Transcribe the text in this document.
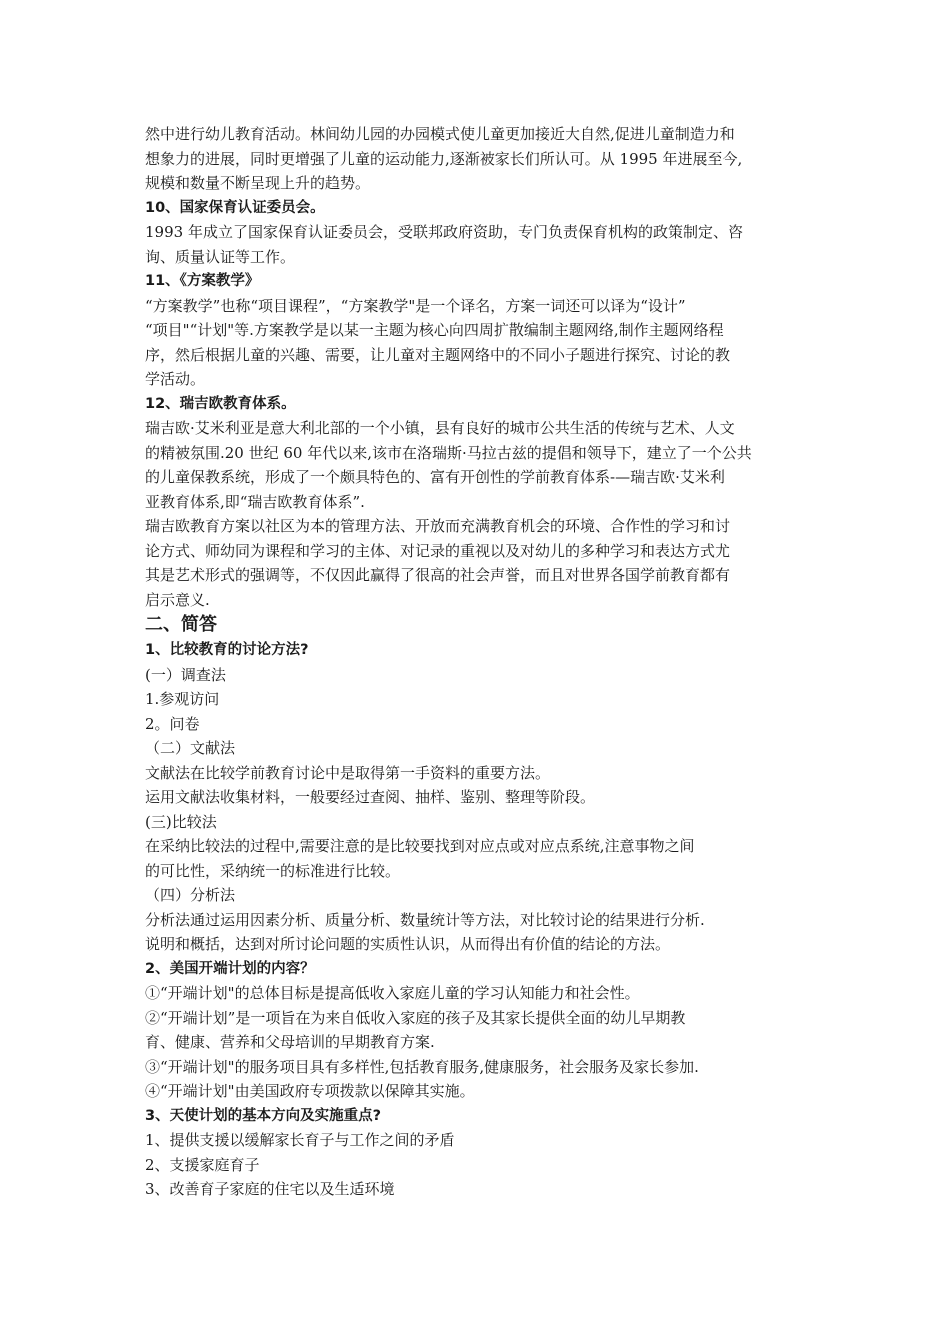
然中进行幼儿教育活动。林间幼儿园的办园模式使儿童更加接近大自然,促进儿童制造力和
想象力的进展，同时更增强了儿童的运动能力,逐渐被家长们所认可。从 1995 年进展至今,
规模和数量不断呈现上升的趋势。

10、国家保育认证委员会。

1993 年成立了国家保育认证委员会，受联邦政府资助，专门负责保育机构的政策制定、咨
询、质量认证等工作。

11、《方案教学》

“方案教学”也称“项目课程”，“方案教学"是一个译名，方案一词还可以译为“设计”
“项目"“计划"等.方案教学是以某一主题为核心向四周扩散编制主题网络,制作主题网络程
序，然后根据儿童的兴趣、需要，让儿童对主题网络中的不同小子题进行探究、讨论的教
学活动。

12、瑞吉欧教育体系。

瑞吉欧·艾米利亚是意大利北部的一个小镇，县有良好的城市公共生活的传统与艺术、人文
的精被氛围.20 世纪 60 年代以来,该市在洛瑞斯·马拉古兹的提倡和领导下，建立了一个公共
的儿童保教系统，形成了一个颇具特色的、富有开创性的学前教育体系-—瑞吉欧·艾米利
亚教育体系,即“瑞吉欧教育体系”.

瑞吉欧教育方案以社区为本的管理方法、开放而充满教育机会的环境、合作性的学习和讨
论方式、师幼同为课程和学习的主体、对记录的重视以及对幼儿的多种学习和表达方式尤
其是艺术形式的强调等，不仅因此赢得了很高的社会声誉，而且对世界各国学前教育都有
启示意义.

二、简答

1、比较教育的讨论方法?

(一）调查法
1.参观访问
2。问卷
（二）文献法
文献法在比较学前教育讨论中是取得第一手资料的重要方法。
运用文献法收集材料，一般要经过查阅、抽样、鉴别、整理等阶段。
(三)比较法
在采纳比较法的过程中,需要注意的是比较要找到对应点或对应点系统,注意事物之间
的可比性，采纳统一的标准进行比较。
（四）分析法
分析法通过运用因素分析、质量分析、数量统计等方法，对比较讨论的结果进行分析.
说明和概括，达到对所讨论问题的实质性认识，从而得出有价值的结论的方法。

2、美国开端计划的内容？

①“开端计划"的总体目标是提高低收入家庭儿童的学习认知能力和社会性。
②“开端计划”是一项旨在为来自低收入家庭的孩子及其家长提供全面的幼儿早期教
育、健康、营养和父母培训的早期教育方案.
③“开端计划"的服务项目具有多样性,包括教育服务,健康服务，社会服务及家长参加.
④“开端计划"由美国政府专项拨款以保障其实施。

3、天使计划的基本方向及实施重点?

1、提供支援以缓解家长育子与工作之间的矛盾
2、支援家庭育子
3、改善育子家庭的住宅以及生适环境
